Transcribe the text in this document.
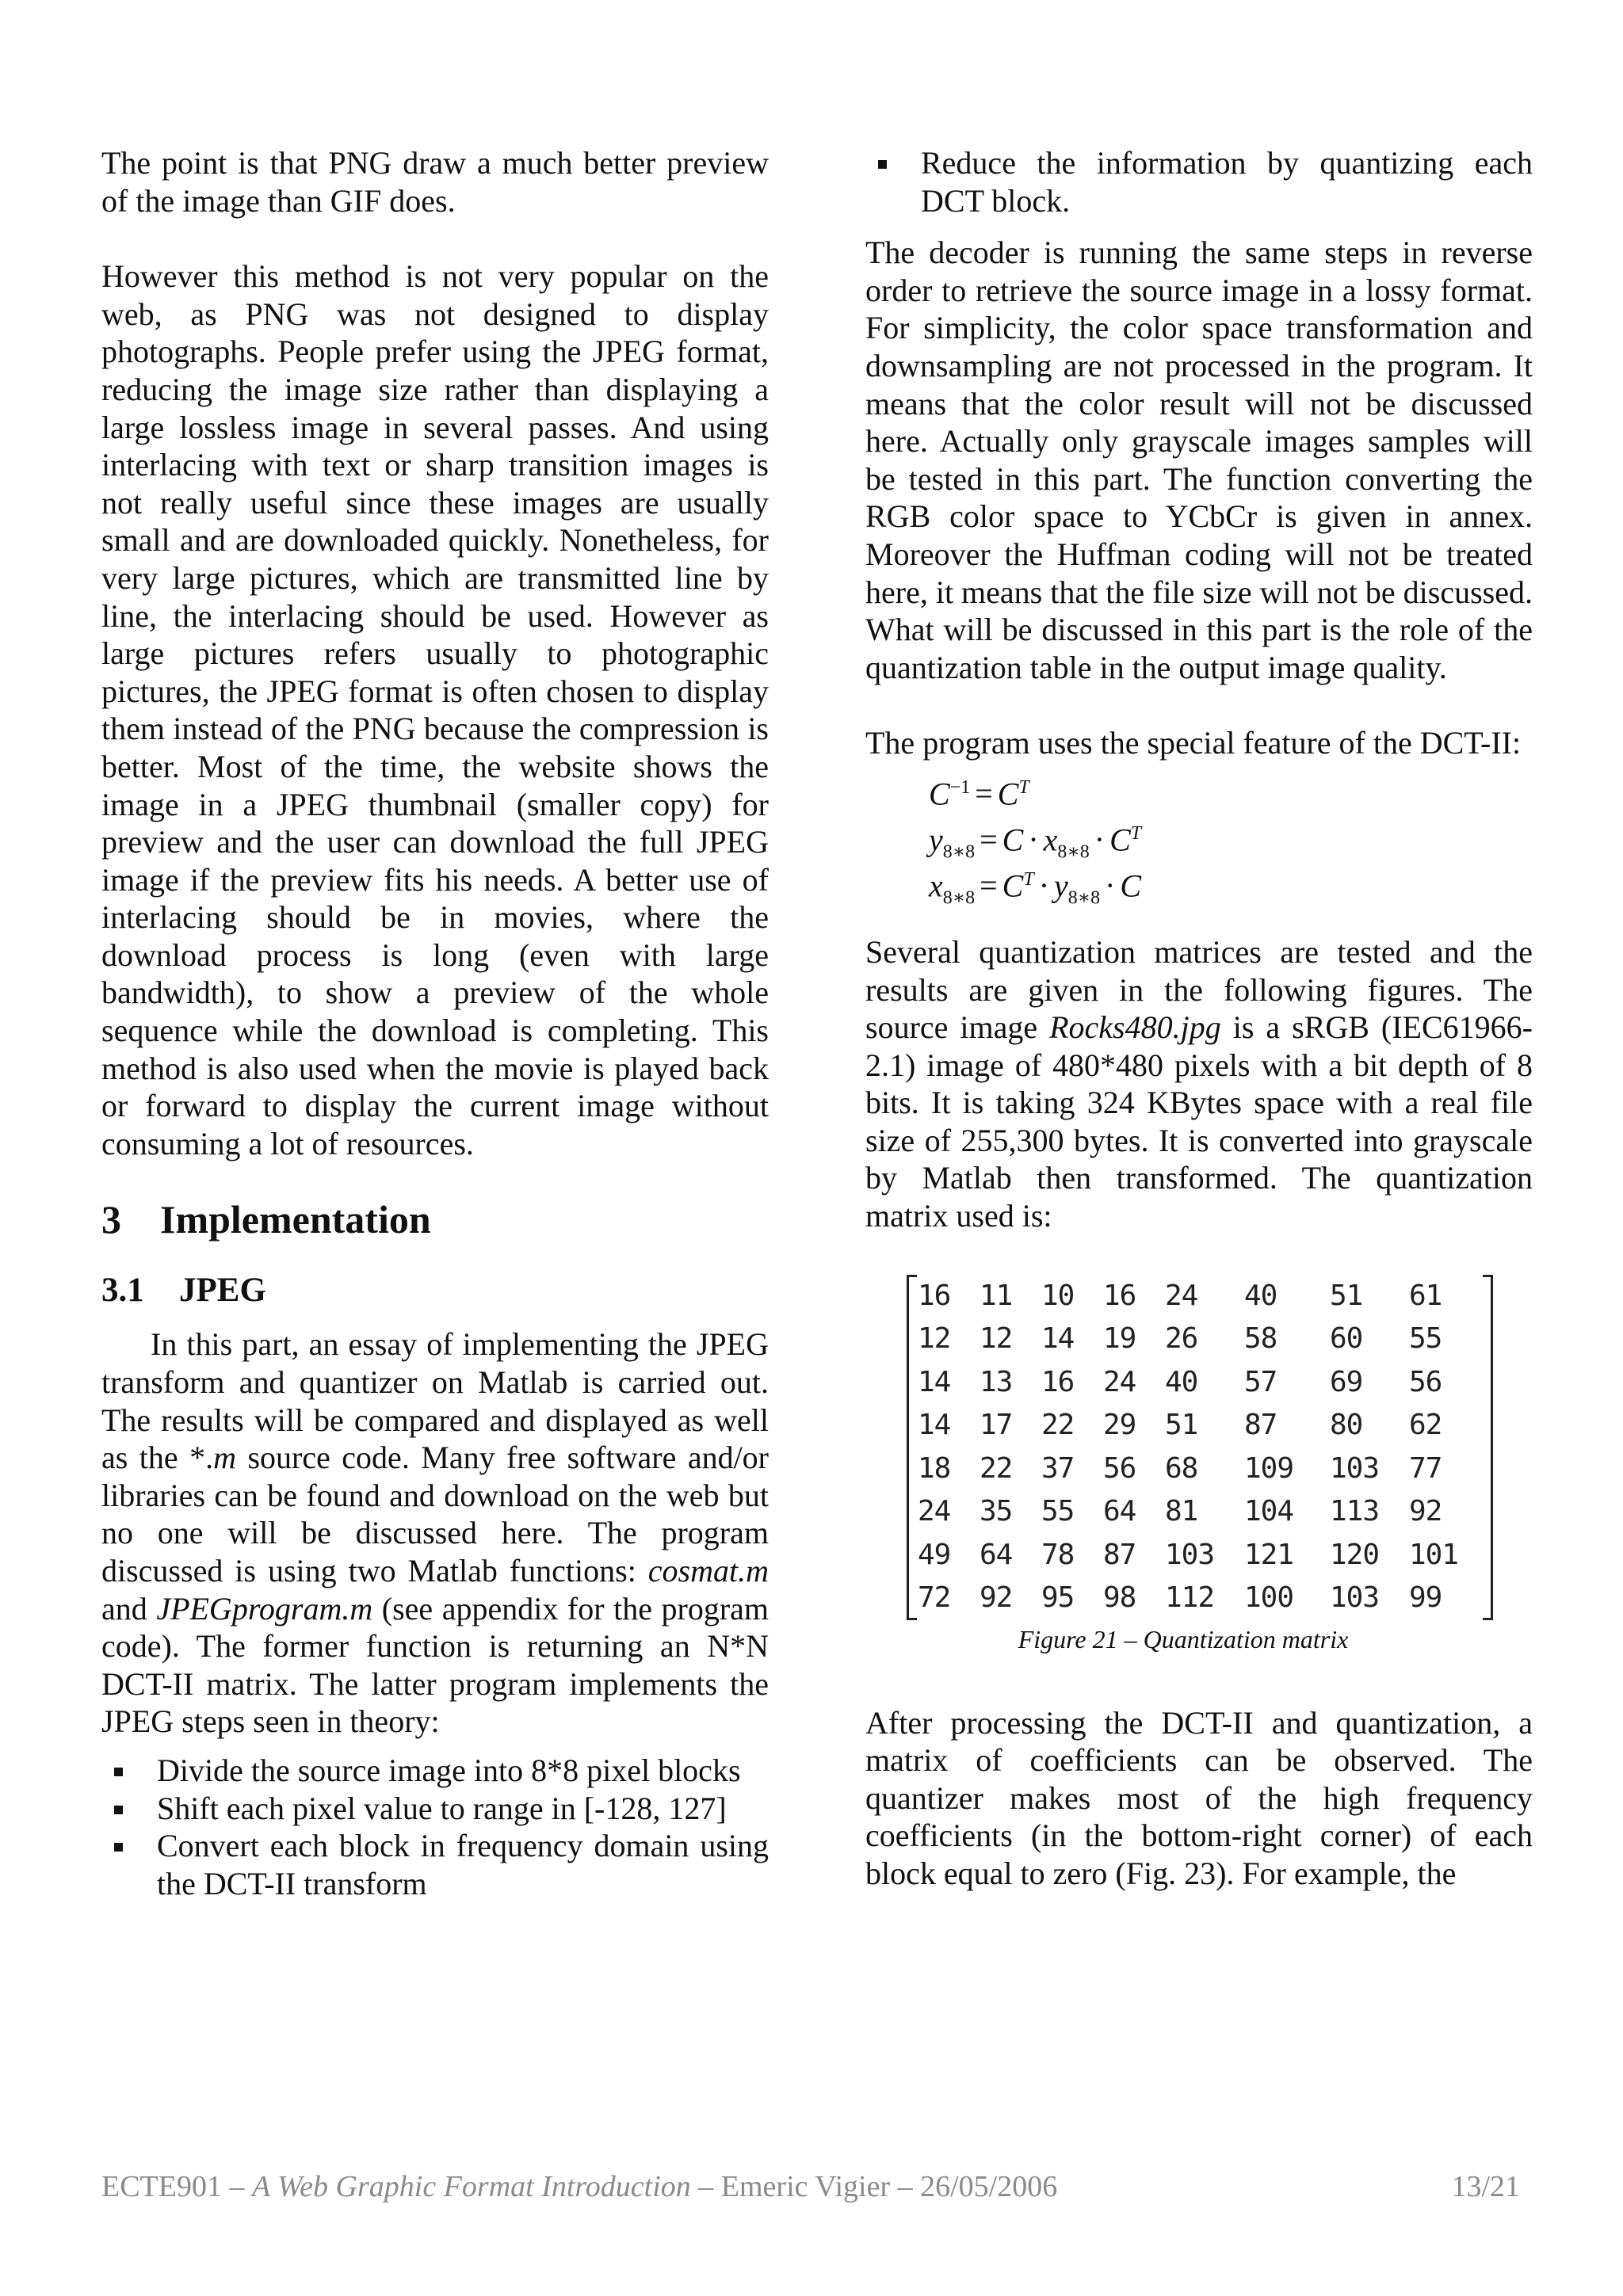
The point is that PNG draw a much better preview of the image than GIF does.

However this method is not very popular on the web, as PNG was not designed to display photographs. People prefer using the JPEG format, reducing the image size rather than displaying a large lossless image in several passes. And using interlacing with text or sharp transition images is not really useful since these images are usually small and are downloaded quickly. Nonetheless, for very large pictures, which are transmitted line by line, the interlacing should be used. However as large pictures refers usually to photographic pictures, the JPEG format is often chosen to display them instead of the PNG because the compression is better. Most of the time, the website shows the image in a JPEG thumbnail (smaller copy) for preview and the user can download the full JPEG image if the preview fits his needs. A better use of interlacing should be in movies, where the download process is long (even with large bandwidth), to show a preview of the whole sequence while the download is completing. This method is also used when the movie is played back or forward to display the current image without consuming a lot of resources.

3 Implementation
3.1 JPEG

In this part, an essay of implementing the JPEG transform and quantizer on Matlab is carried out. The results will be compared and displayed as well as the *.m source code. Many free software and/or libraries can be found and download on the web but no one will be discussed here. The program discussed is using two Matlab functions: cosmat.m and JPEGprogram.m (see appendix for the program code). The former function is returning an N*N DCT-II matrix. The latter program implements the JPEG steps seen in theory:

Divide the source image into 8*8 pixel blocks
Shift each pixel value to range in [-128, 127]
Convert each block in frequency domain using the DCT-II transform
Reduce the information by quantizing each DCT block.

The decoder is running the same steps in reverse order to retrieve the source image in a lossy format. For simplicity, the color space transformation and downsampling are not processed in the program. It means that the color result will not be discussed here. Actually only grayscale images samples will be tested in this part. The function converting the RGB color space to YCbCr is given in annex. Moreover the Huffman coding will not be treated here, it means that the file size will not be discussed. What will be discussed in this part is the role of the quantization table in the output image quality.

The program uses the special feature of the DCT-II:

$C^{-1} = C^T$
$y_{8∗8} = C \cdot x_{8∗8} \cdot C^T$
$x_{8∗8} = C^T \cdot y_{8∗8} \cdot C$

Several quantization matrices are tested and the results are given in the following figures. The source image Rocks480.jpg is a sRGB (IEC61966-2.1) image of 480*480 pixels with a bit depth of 8 bits. It is taking 324 KBytes space with a real file size of 255,300 bytes. It is converted into grayscale by Matlab then transformed. The quantization matrix used is:

16	11	10	16	24	40	51	61
12	12	14	19	26	58	60	55
14	13	16	24	40	57	69	56
14	17	22	29	51	87	80	62
18	22	37	56	68	109	103	77
24	35	55	64	81	104	113	92
49	64	78	87	103	121	120	101
72	92	95	98	112	100	103	99
Figure 21 – Quantization matrix

After processing the DCT-II and quantization, a matrix of coefficients can be observed. The quantizer makes most of the high frequency coefficients (in the bottom-right corner) of each block equal to zero (Fig. 23). For example, the

ECTE901 – A Web Graphic Format Introduction – Emeric Vigier – 26/05/2006	13/21
